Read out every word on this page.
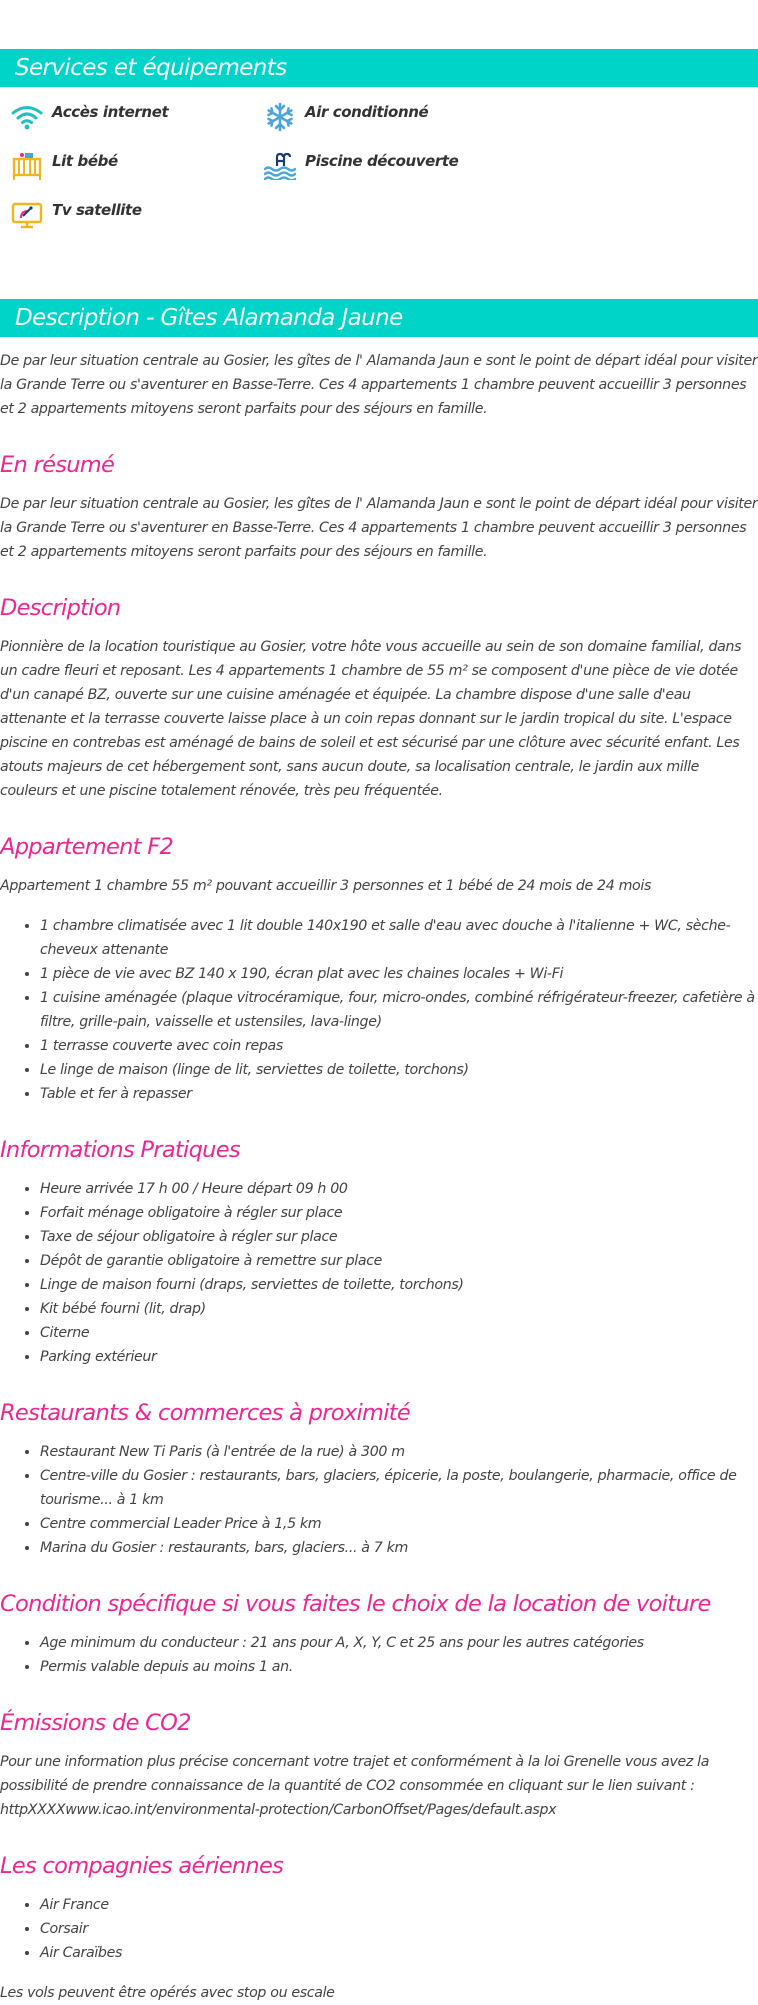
Services et équipements
Accès internet	Air conditionné
Lit bébé	Piscine découverte
Tv satellite
Description - Gîtes Alamanda Jaune

De par leur situation centrale au Gosier, les gîtes de l' Alamanda Jaun e sont le point de départ idéal pour visiter la Grande Terre ou s'aventurer en Basse-Terre. Ces 4 appartements 1 chambre peuvent accueillir 3 personnes et 2 appartements mitoyens seront parfaits pour des séjours en famille.

En résumé

De par leur situation centrale au Gosier, les gîtes de l' Alamanda Jaun e sont le point de départ idéal pour visiter la Grande Terre ou s'aventurer en Basse-Terre. Ces 4 appartements 1 chambre peuvent accueillir 3 personnes et 2 appartements mitoyens seront parfaits pour des séjours en famille.

Description

Pionnière de la location touristique au Gosier, votre hôte vous accueille au sein de son domaine familial, dans un cadre fleuri et reposant. Les 4 appartements 1 chambre de 55 m² se composent d'une pièce de vie dotée d'un canapé BZ, ouverte sur une cuisine aménagée et équipée. La chambre dispose d'une salle d'eau attenante et la terrasse couverte laisse place à un coin repas donnant sur le jardin tropical du site. L'espace piscine en contrebas est aménagé de bains de soleil et est sécurisé par une clôture avec sécurité enfant. Les atouts majeurs de cet hébergement sont, sans aucun doute, sa localisation centrale, le jardin aux mille couleurs et une piscine totalement rénovée, très peu fréquentée.

Appartement F2

Appartement 1 chambre 55 m² pouvant accueillir 3 personnes et 1 bébé de 24 mois de 24 mois

• 1 chambre climatisée avec 1 lit double 140x190 et salle d'eau avec douche à l'italienne + WC, sèche-cheveux attenante
• 1 pièce de vie avec BZ 140 x 190, écran plat avec les chaines locales + Wi-Fi
• 1 cuisine aménagée (plaque vitrocéramique, four, micro-ondes, combiné réfrigérateur-freezer, cafetière à filtre, grille-pain, vaisselle et ustensiles, lava-linge)
• 1 terrasse couverte avec coin repas
• Le linge de maison (linge de lit, serviettes de toilette, torchons)
• Table et fer à repasser
Informations Pratiques
• Heure arrivée 17 h 00 / Heure départ 09 h 00
• Forfait ménage obligatoire à régler sur place
• Taxe de séjour obligatoire à régler sur place
• Dépôt de garantie obligatoire à remettre sur place
• Linge de maison fourni (draps, serviettes de toilette, torchons)
• Kit bébé fourni (lit, drap)
• Citerne
• Parking extérieur
Restaurants & commerces à proximité
• Restaurant New Ti Paris (à l'entrée de la rue) à 300 m
• Centre-ville du Gosier : restaurants, bars, glaciers, épicerie, la poste, boulangerie, pharmacie, office de tourisme... à 1 km
• Centre commercial Leader Price à 1,5 km
• Marina du Gosier : restaurants, bars, glaciers... à 7 km
Condition spécifique si vous faites le choix de la location de voiture
• Age minimum du conducteur : 21 ans pour A, X, Y, C et 25 ans pour les autres catégories
• Permis valable depuis au moins 1 an.
Émissions de CO2

Pour une information plus précise concernant votre trajet et conformément à la loi Grenelle vous avez la possibilité de prendre connaissance de la quantité de CO2 consommée en cliquant sur le lien suivant : httpXXXXwww.icao.int/environmental-protection/CarbonOffset/Pages/default.aspx

Les compagnies aériennes
• Air France
• Corsair
• Air Caraïbes

Les vols peuvent être opérés avec stop ou escale
